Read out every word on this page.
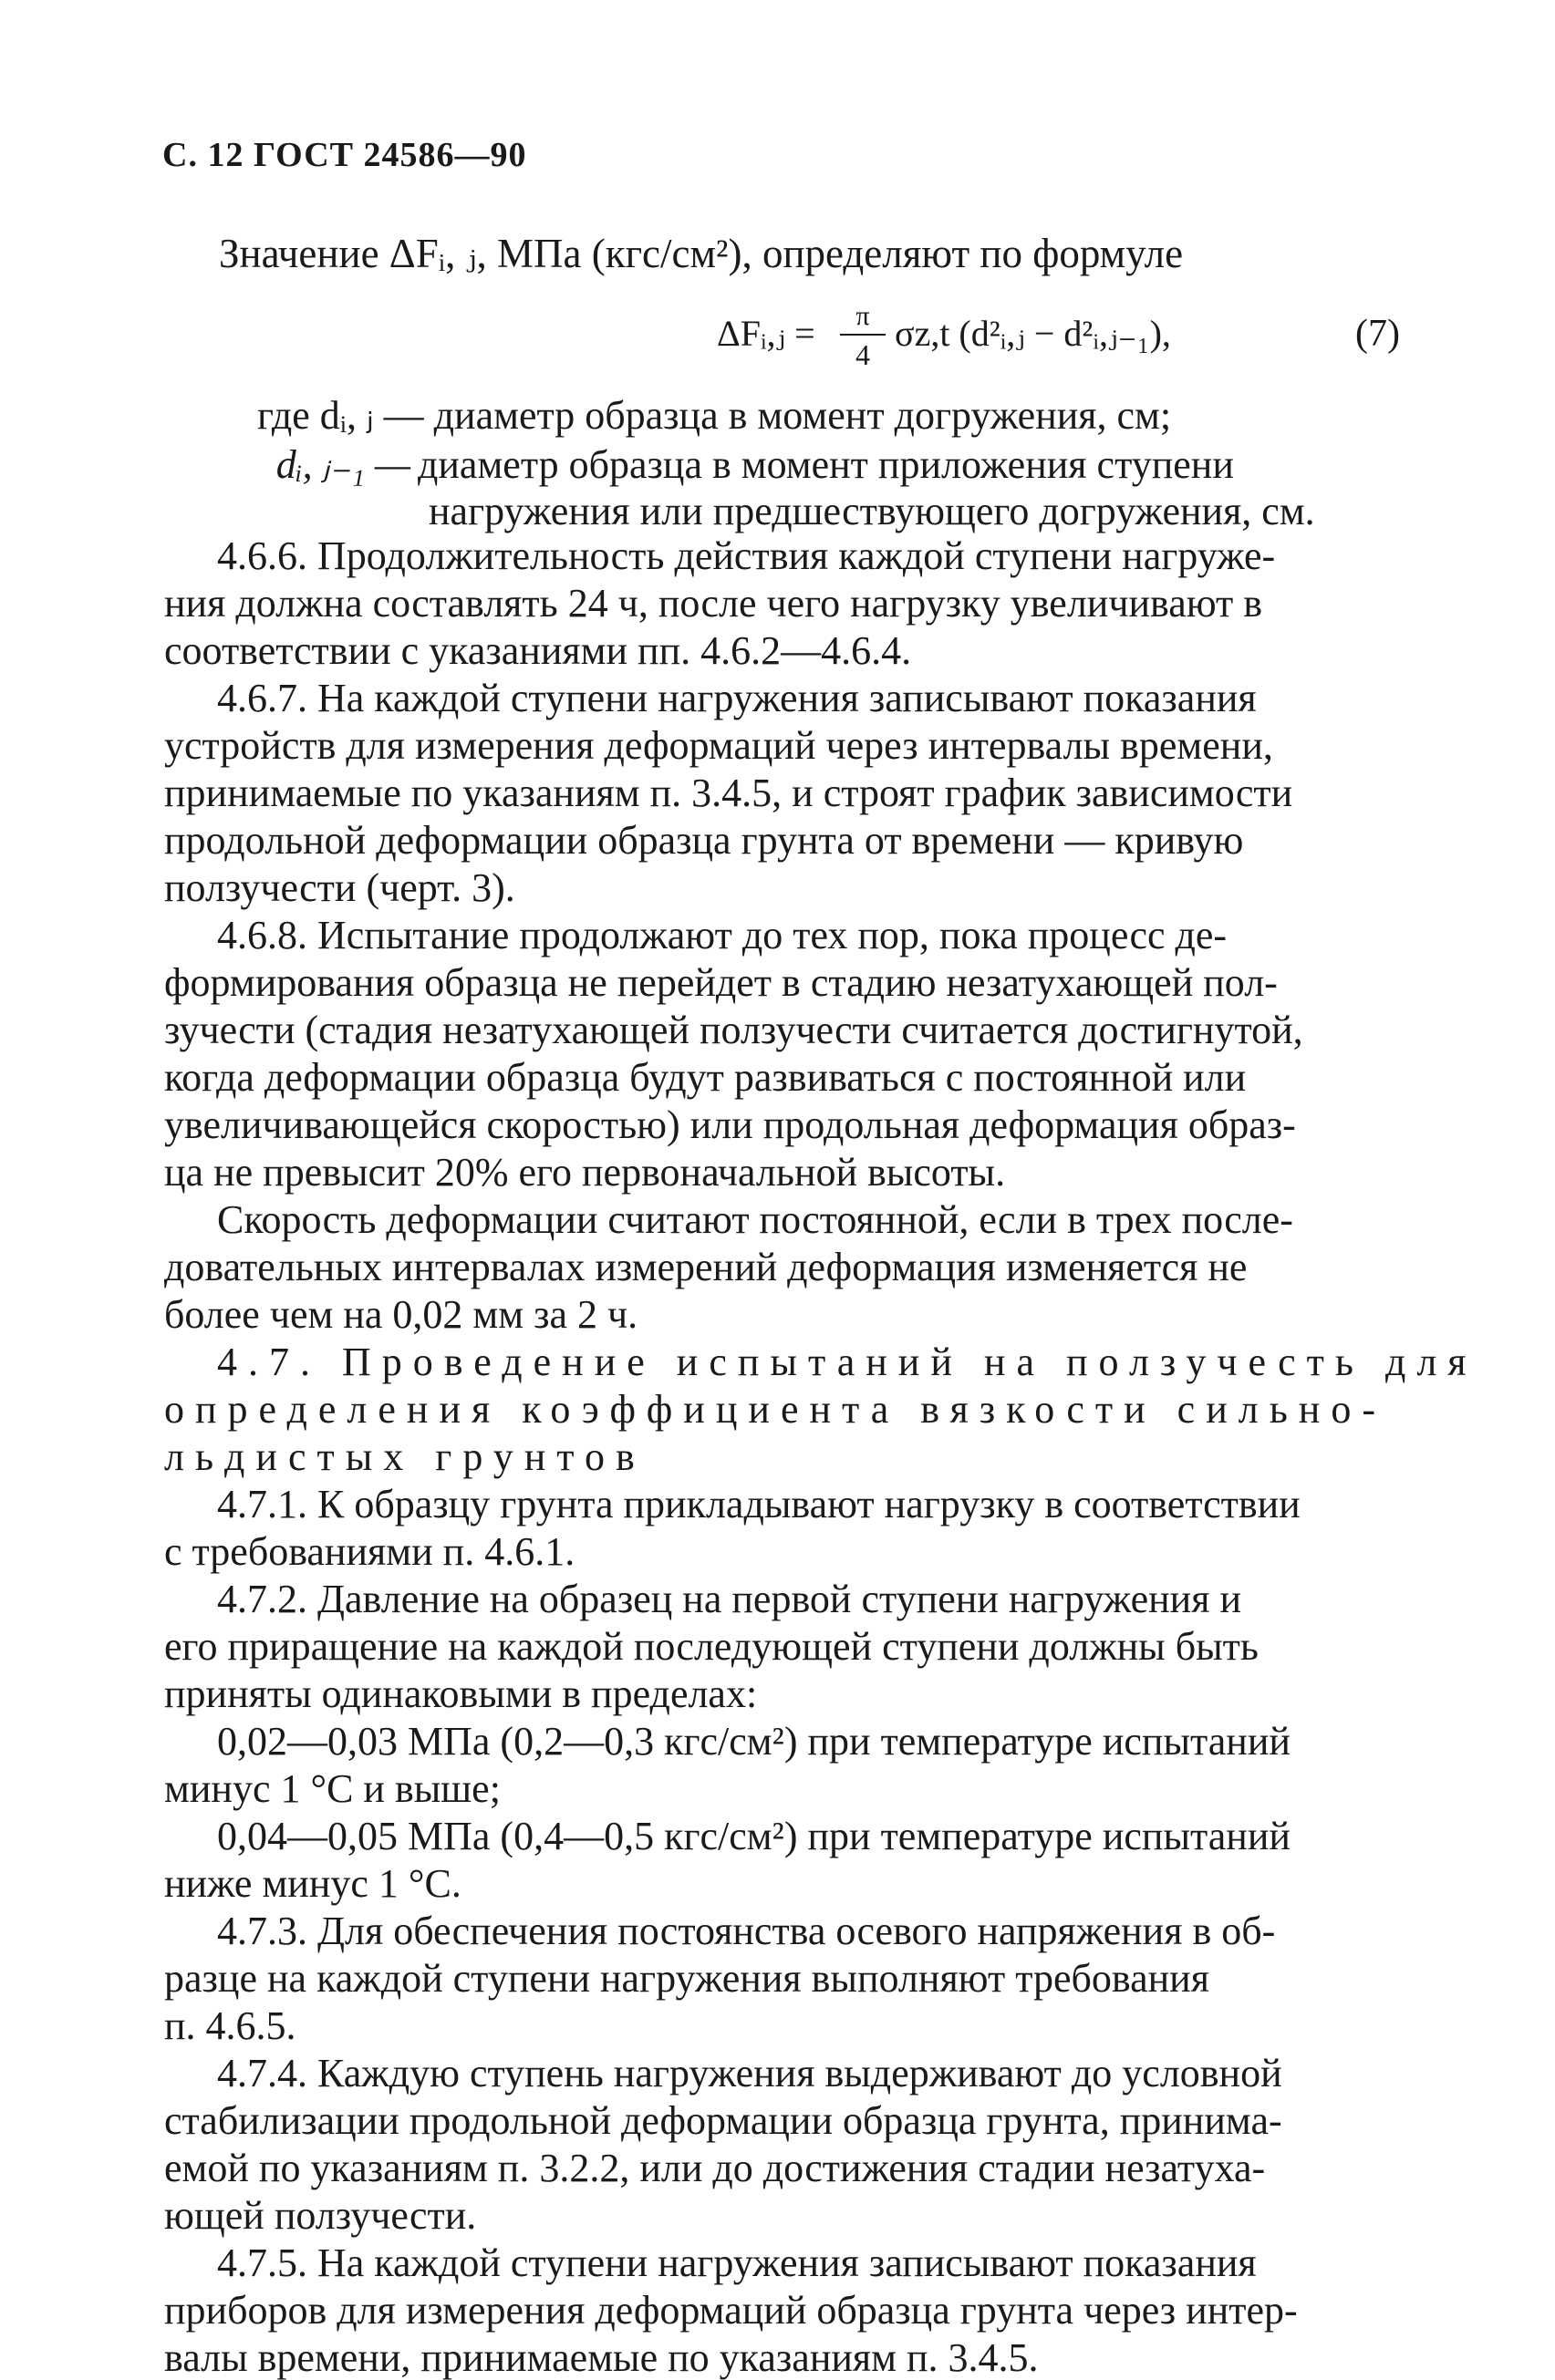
С. 12 ГОСТ 24586—90
Значение ΔFᵢ, ⱼ, МПа (кгс/см²), определяют по формуле
ΔFᵢ,ⱼ =	π
4
σz,t (d²ᵢ,ⱼ − d²ᵢ,ⱼ₋₁),	(7)
где dᵢ, ⱼ — диаметр образца в момент догружения, см;
dᵢ, ⱼ₋₁ — диаметр образца в момент приложения ступени
нагружения или предшествующего догружения, см.
4.6.6. Продолжительность действия каждой ступени нагруже-
ния должна составлять 24 ч, после чего нагрузку увеличивают в
соответствии с указаниями пп. 4.6.2—4.6.4.
4.6.7. На каждой ступени нагружения записывают показания
устройств для измерения деформаций через интервалы времени,
принимаемые по указаниям п. 3.4.5, и строят график зависимости
продольной деформации образца грунта от времени — кривую
ползучести (черт. 3).
4.6.8. Испытание продолжают до тех пор, пока процесс де-
формирования образца не перейдет в стадию незатухающей пол-
зучести (стадия незатухающей ползучести считается достигнутой,
когда деформации образца будут развиваться с постоянной или
увеличивающейся скоростью) или продольная деформация образ-
ца не превысит 20% его первоначальной высоты.
Скорость деформации считают постоянной, если в трех после-
довательных интервалах измерений деформация изменяется не
более чем на 0,02 мм за 2 ч.
4.7. Проведение испытаний на ползучесть для
определения коэффициента вязкости сильно-
льдистых грунтов
4.7.1. К образцу грунта прикладывают нагрузку в соответствии
с требованиями п. 4.6.1.
4.7.2. Давление на образец на первой ступени нагружения и
его приращение на каждой последующей ступени должны быть
приняты одинаковыми в пределах:
0,02—0,03 МПа (0,2—0,3 кгс/см²) при температуре испытаний
минус 1 °С и выше;
0,04—0,05 МПа (0,4—0,5 кгс/см²) при температуре испытаний
ниже минус 1 °С.
4.7.3. Для обеспечения постоянства осевого напряжения в об-
разце на каждой ступени нагружения выполняют требования
п. 4.6.5.
4.7.4. Каждую ступень нагружения выдерживают до условной
стабилизации продольной деформации образца грунта, принима-
емой по указаниям п. 3.2.2, или до достижения стадии незатуха-
ющей ползучести.
4.7.5. На каждой ступени нагружения записывают показания
приборов для измерения деформаций образца грунта через интер-
валы времени, принимаемые по указаниям п. 3.4.5.
